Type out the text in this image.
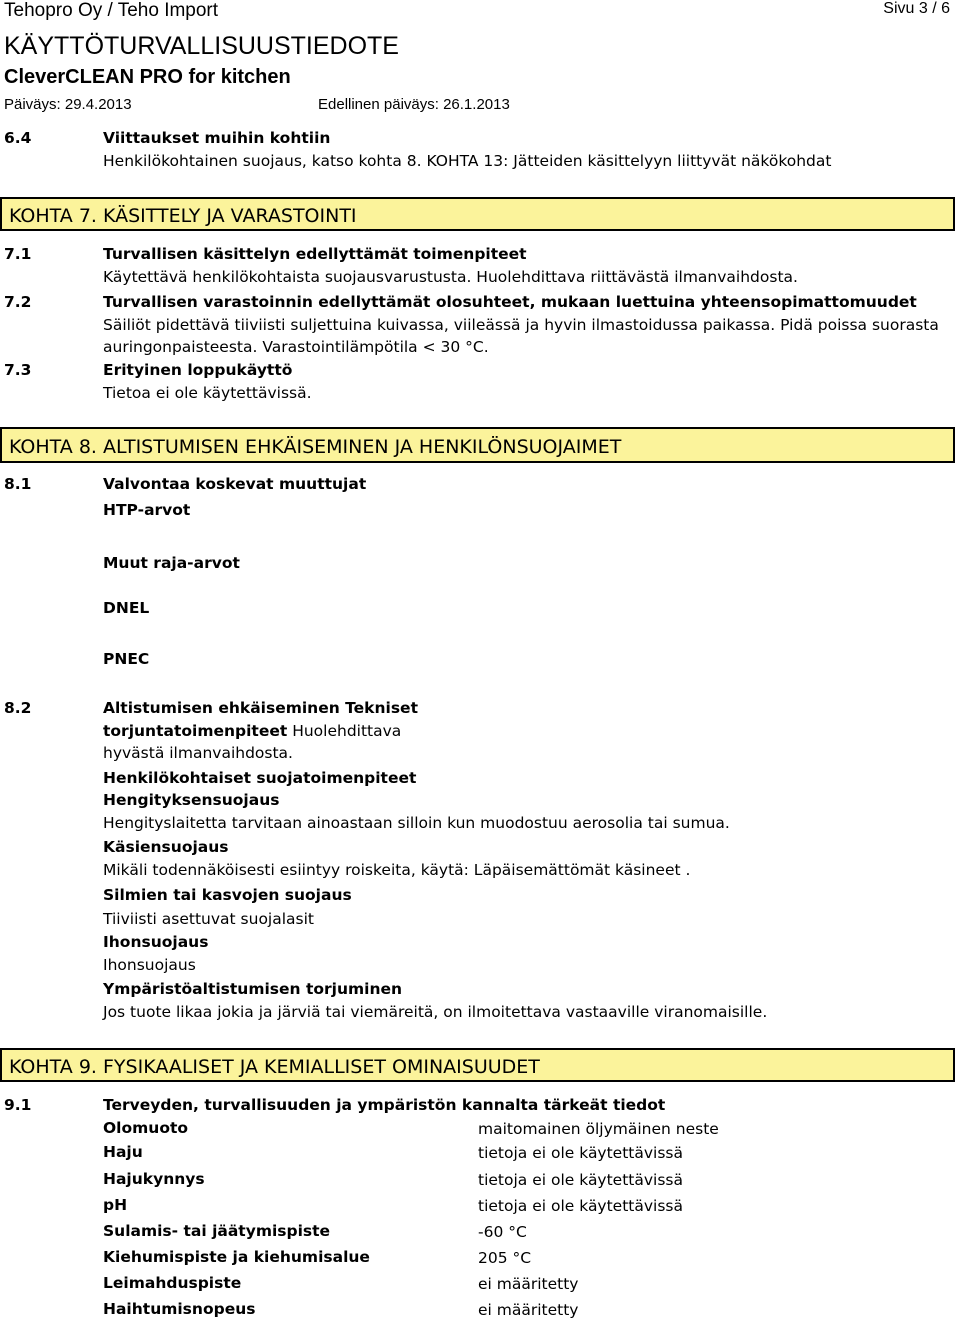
Tehopro Oy / Teho Import	Sivu 3 / 6
KÄYTTÖTURVALLISUUSTIEDOTE
CleverCLEAN PRO for kitchen
Päiväys: 29.4.2013	Edellinen päiväys: 26.1.2013
6.4	Viittaukset muihin kohtiin
Henkilökohtainen suojaus, katso kohta 8. KOHTA 13: Jätteiden käsittelyyn liittyvät näkökohdat
KOHTA 7. KÄSITTELY JA VARASTOINTI
7.1	Turvallisen käsittelyn edellyttämät toimenpiteet
Käytettävä henkilökohtaista suojausvarustusta. Huolehdittava riittävästä ilmanvaihdosta.
7.2	Turvallisen varastoinnin edellyttämät olosuhteet, mukaan luettuina yhteensopimattomuudet
Säiliöt pidettävä tiiviisti suljettuina kuivassa, viileässä ja hyvin ilmastoidussa paikassa. Pidä poissa suorasta
auringonpaisteesta. Varastointilämpötila < 30 °C.
7.3	Erityinen loppukäyttö
Tietoa ei ole käytettävissä.
KOHTA 8. ALTISTUMISEN EHKÄISEMINEN JA HENKILÖNSUOJAIMET
8.1	Valvontaa koskevat muuttujat
HTP-arvot
Muut raja-arvot
DNEL
PNEC
8.2	Altistumisen ehkäiseminen Tekniset
torjuntatoimenpiteet Huolehdittava
hyvästä ilmanvaihdosta.
Henkilökohtaiset suojatoimenpiteet
Hengityksensuojaus
Hengityslaitetta tarvitaan ainoastaan silloin kun muodostuu aerosolia tai sumua.
Käsiensuojaus
Mikäli todennäköisesti esiintyy roiskeita, käytä: Läpäisemättömät käsineet .
Silmien tai kasvojen suojaus
Tiiviisti asettuvat suojalasit
Ihonsuojaus
Ihonsuojaus
Ympäristöaltistumisen torjuminen
Jos tuote likaa jokia ja järviä tai viemäreitä, on ilmoitettava vastaaville viranomaisille.
KOHTA 9. FYSIKAALISET JA KEMIALLISET OMINAISUUDET
9.1	Terveyden, turvallisuuden ja ympäristön kannalta tärkeät tiedot
Olomuoto	maitomainen öljymäinen neste
Haju	tietoja ei ole käytettävissä
Hajukynnys	tietoja ei ole käytettävissä
pH	tietoja ei ole käytettävissä
Sulamis- tai jäätymispiste	-60 °C
Kiehumispiste ja kiehumisalue	205 °C
Leimahduspiste	ei määritetty
Haihtumisnopeus	ei määritetty
